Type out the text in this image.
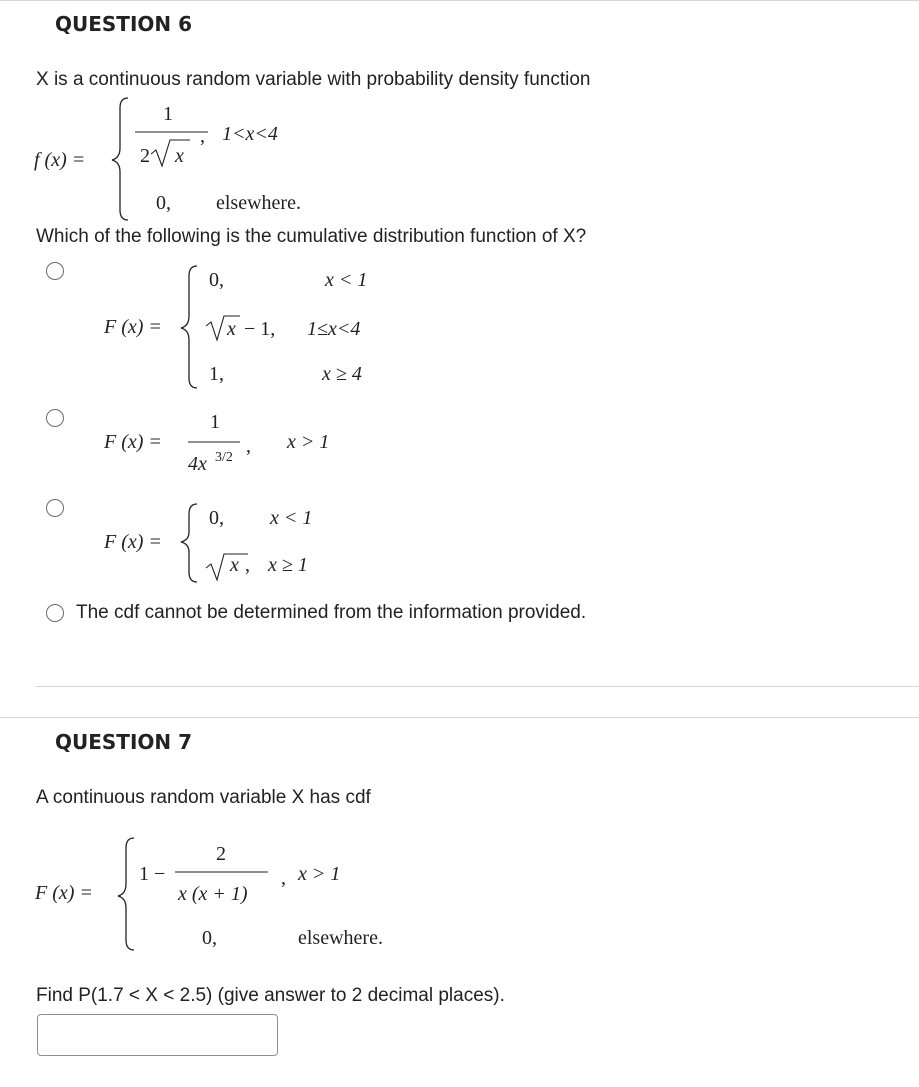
QUESTION 6
X is a continuous random variable with probability density function
f (x) =
1
2 x
, 1<x<4
0, elsewhere.
Which of the following is the cumulative distribution function of X?
F (x) =
0,	x < 1
x − 1, 1≤x<4
1,	x ≥ 4
F (x) =
1
4x 3/2
, x > 1
F (x) =
0, x < 1
x , x ≥ 1
The cdf cannot be determined from the information provided.
QUESTION 7
A continuous random variable X has cdf
F (x) =
1 −
2
x (x + 1)
, x > 1
0,	elsewhere.
Find P(1.7 < X < 2.5) (give answer to 2 decimal places).
